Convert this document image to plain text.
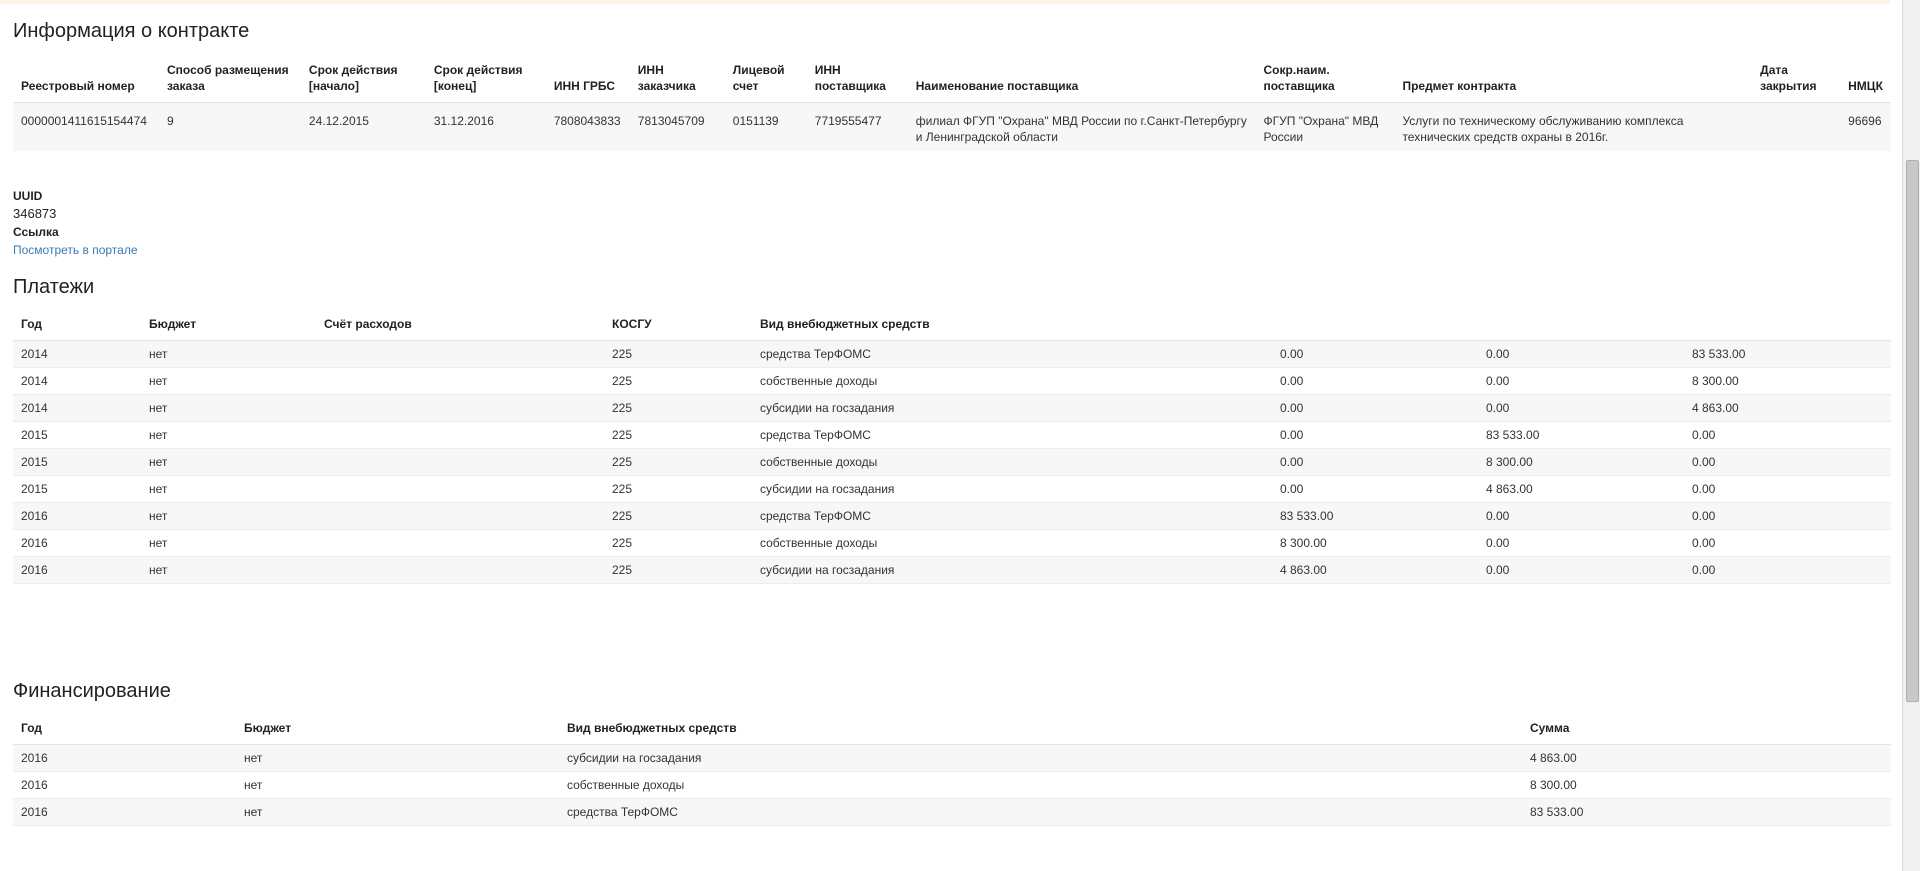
Информация о контракте
Реестровый номер	Способ размещения заказа	Срок действия [начало]	Срок действия [конец]	ИНН ГРБС	ИНН заказчика	Лицевой счет	ИНН поставщика	Наименование поставщика	Сокр.наим. поставщика	Предмет контракта	Дата закрытия	НМЦК
0000001411615154474	9	24.12.2015	31.12.2016	7808043833	7813045709	0151139	7719555477	филиал ФГУП "Охрана" МВД России по г.Санкт-Петербургу и Ленинградской области	ФГУП "Охрана" МВД России	Услуги по техническому обслуживанию комплекса технических средств охраны в 2016г.		96696
UUID
346873
Ссылка
Посмотреть в портале
Платежи
Год	Бюджет	Счёт расходов	КОСГУ	Вид внебюджетных средств			
2014	нет		225	средства ТерФОМС	0.00	0.00	83 533.00
2014	нет		225	собственные доходы	0.00	0.00	8 300.00
2014	нет		225	субсидии на госзадания	0.00	0.00	4 863.00
2015	нет		225	средства ТерФОМС	0.00	83 533.00	0.00
2015	нет		225	собственные доходы	0.00	8 300.00	0.00
2015	нет		225	субсидии на госзадания	0.00	4 863.00	0.00
2016	нет		225	средства ТерФОМС	83 533.00	0.00	0.00
2016	нет		225	собственные доходы	8 300.00	0.00	0.00
2016	нет		225	субсидии на госзадания	4 863.00	0.00	0.00
Финансирование
Год	Бюджет	Вид внебюджетных средств	Сумма
2016	нет	субсидии на госзадания	4 863.00
2016	нет	собственные доходы	8 300.00
2016	нет	средства ТерФОМС	83 533.00
